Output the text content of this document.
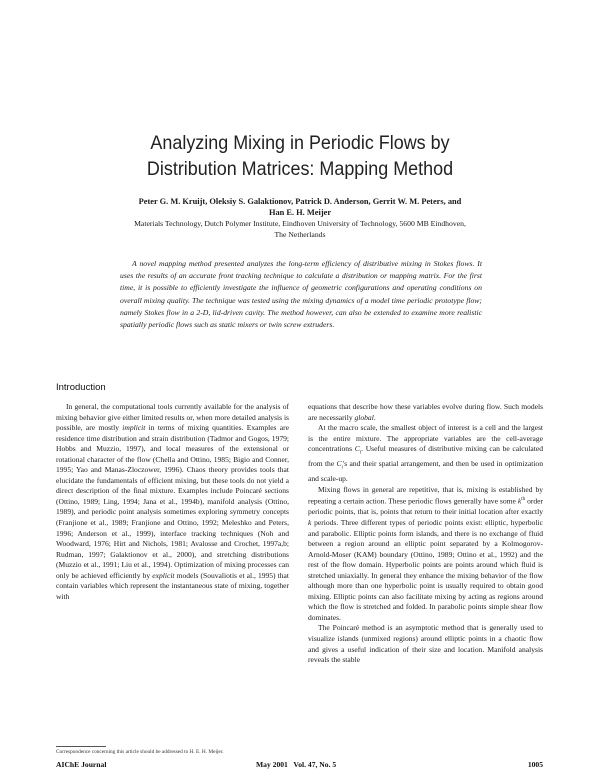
Analyzing Mixing in Periodic Flows by
Distribution Matrices: Mapping Method
Peter G. M. Kruijt, Oleksiy S. Galaktionov, Patrick D. Anderson, Gerrit W. M. Peters, and
Han E. H. Meijer
Materials Technology, Dutch Polymer Institute, Eindhoven University of Technology, 5600 MB Eindhoven,
The Netherlands
A novel mapping method presented analyzes the long-term efficiency of distributive mixing in Stokes flows. It uses the results of an accurate front tracking technique to calculate a distribution or mapping matrix. For the first time, it is possible to efficiently investigate the influence of geometric configurations and operating conditions on overall mixing quality. The technique was tested using the mixing dynamics of a model time periodic prototype flow; namely Stokes flow in a 2-D, lid-driven cavity. The method however, can also be extended to examine more realistic spatially periodic flows such as static mixers or twin screw extruders.
Introduction

In general, the computational tools currently available for the analysis of mixing behavior give either limited results or, when more detailed analysis is possible, are mostly implicit in terms of mixing quantities. Examples are residence time distribution and strain distribution (Tadmor and Gogos, 1979; Hobbs and Muzzio, 1997), and local measures of the extensional or rotational character of the flow (Chella and Ottino, 1985; Bigio and Conner, 1995; Yao and Manas-Zloczower, 1996). Chaos theory provides tools that elucidate the fundamentals of efficient mixing, but these tools do not yield a direct description of the final mixture. Examples include Poincaré sections (Ottino, 1989; Ling, 1994; Jana et al., 1994b), manifold analysis (Ottino, 1989), and periodic point analysis sometimes exploring symmetry concepts (Franjione et al., 1989; Franjione and Ottino, 1992; Meleshko and Peters, 1996; Anderson et al., 1999), interface tracking techniques (Noh and Woodward, 1976; Hirt and Nichols, 1981; Avalosse and Crochet, 1997a,b; Rudman, 1997; Galaktionov et al., 2000), and stretching distributions (Muzzio et al., 1991; Liu et al., 1994). Optimization of mixing processes can only be achieved efficiently by explicit models (Souvaliotis et al., 1995) that contain variables which represent the instantaneous state of mixing, together with

equations that describe how these variables evolve during flow. Such models are necessarily global.

At the macro scale, the smallest object of interest is a cell and the largest is the entire mixture. The appropriate variables are the cell-average concentrations $C_i$. Useful measures of distributive mixing can be calculated from the $C_i's$ and their spatial arrangement, and then be used in optimization and scale-up.

Mixing flows in general are repetitive, that is, mixing is established by repeating a certain action. These periodic flows generally have some $k^{th}$ order periodic points, that is, points that return to their initial location after exactly k periods. Three different types of periodic points exist: elliptic, hyperbolic and parabolic. Elliptic points form islands, and there is no exchange of fluid between a region around an elliptic point separated by a Kolmogorov-Arnold-Moser (KAM) boundary (Ottino, 1989; Ottino et al., 1992) and the rest of the flow domain. Hyperbolic points are points around which fluid is stretched uniaxially. In general they enhance the mixing behavior of the flow although more than one hyperbolic point is usually required to obtain good mixing. Elliptic points can also facilitate mixing by acting as regions around which the flow is stretched and folded. In parabolic points simple shear flow dominates.

The Poincaré method is an asymptotic method that is generally used to visualize islands (unmixed regions) around elliptic points in a chaotic flow and gives a useful indication of their size and location. Manifold analysis reveals the stable

Correspondence concerning this article should be addressed to H. E. H. Meijer.
AIChE Journal	May 2001   Vol. 47, No. 5	1005
